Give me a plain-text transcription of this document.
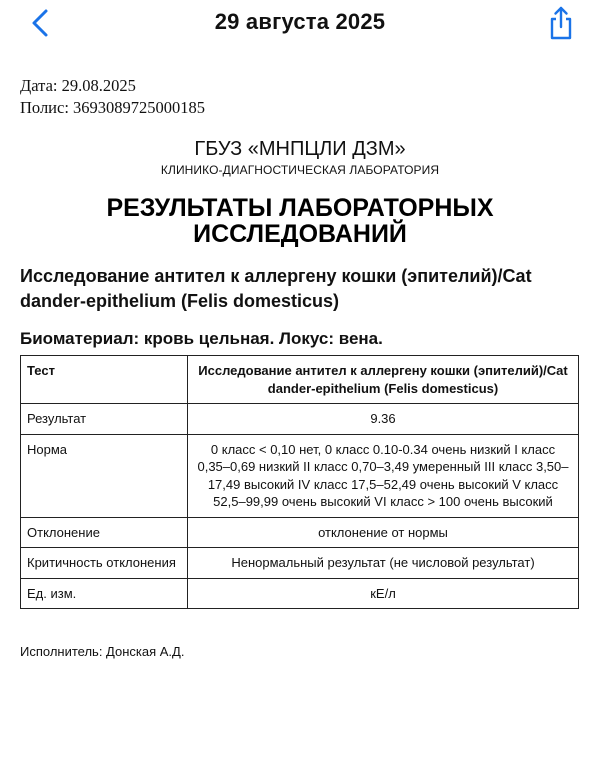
29 августа 2025
Дата: 29.08.2025
Полис: 3693089725000185
ГБУЗ «МНПЦЛИ ДЗМ»
КЛИНИКО-ДИАГНОСТИЧЕСКАЯ ЛАБОРАТОРИЯ
РЕЗУЛЬТАТЫ ЛАБОРАТОРНЫХ
ИССЛЕДОВАНИЙ
Исследование антител к аллергену кошки (эпителий)/Cat dander-epithelium (Felis domesticus)
Биоматериал: кровь цельная. Локус: вена.
Тест	Исследование антител к аллергену кошки (эпителий)/Cat dander-epithelium (Felis domesticus)
Результат	9.36
Норма	0 класс < 0,10 нет, 0 класс 0.10-0.34 очень низкий I класс 0,35–0,69 низкий II класс 0,70–3,49 умеренный III класс 3,50–17,49 высокий IV класс 17,5–52,49 очень высокий V класс 52,5–99,99 очень высокий VI класс > 100 очень высокий
Отклонение	отклонение от нормы
Критичность отклонения	Ненормальный результат (не числовой результат)
Ед. изм.	кЕ/л
Исполнитель: Донская А.Д.
